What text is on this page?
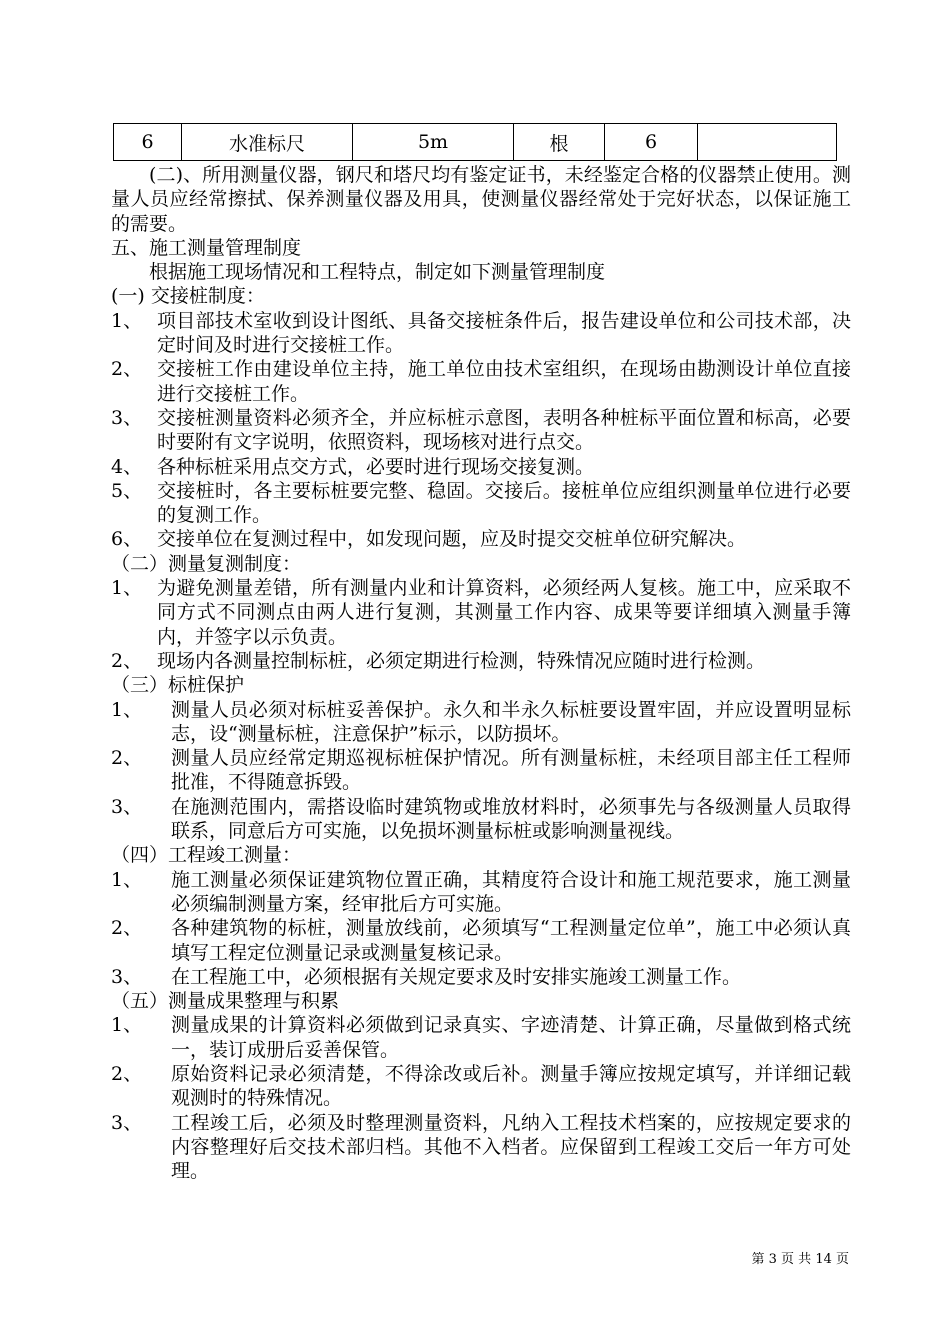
6	水准标尺	5m	根	6	

(二)、所用测量仪器，钢尺和塔尺均有鉴定证书，未经鉴定合格的仪器禁止使用。测量人员应经常擦拭、保养测量仪器及用具，使测量仪器经常处于完好状态，以保证施工的需要。

五、施工测量管理制度

根据施工现场情况和工程特点，制定如下测量管理制度

(一) 交接桩制度：

1、 项目部技术室收到设计图纸、具备交接桩条件后，报告建设单位和公司技术部，决定时间及时进行交接桩工作。
2、 交接桩工作由建设单位主持，施工单位由技术室组织，在现场由勘测设计单位直接进行交接桩工作。
3、 交接桩测量资料必须齐全，并应标桩示意图，表明各种桩标平面位置和标高，必要时要附有文字说明，依照资料，现场核对进行点交。
4、 各种标桩采用点交方式，必要时进行现场交接复测。
5、 交接桩时，各主要标桩要完整、稳固。交接后。接桩单位应组织测量单位进行必要的复测工作。
6、 交接单位在复测过程中，如发现问题，应及时提交交桩单位研究解决。

（二）测量复测制度：

1、 为避免测量差错，所有测量内业和计算资料，必须经两人复核。施工中，应采取不同方式不同测点由两人进行复测，其测量工作内容、成果等要详细填入测量手簿内，并签字以示负责。
2、 现场内各测量控制标桩，必须定期进行检测，特殊情况应随时进行检测。

（三）标桩保护

1、	测量人员必须对标桩妥善保护。永久和半永久标桩要设置牢固，并应设置明显标志，设“测量标桩，注意保护”标示，以防损坏。
2、	测量人员应经常定期巡视标桩保护情况。所有测量标桩，未经项目部主任工程师批准，不得随意拆毁。
3、	在施测范围内，需搭设临时建筑物或堆放材料时，必须事先与各级测量人员取得联系，同意后方可实施，以免损坏测量标桩或影响测量视线。

（四）工程竣工测量：

1、	施工测量必须保证建筑物位置正确，其精度符合设计和施工规范要求，施工测量必须编制测量方案，经审批后方可实施。
2、	各种建筑物的标桩，测量放线前，必须填写“工程测量定位单”，施工中必须认真填写工程定位测量记录或测量复核记录。
3、	在工程施工中，必须根据有关规定要求及时安排实施竣工测量工作。

（五）测量成果整理与积累

1、	测量成果的计算资料必须做到记录真实、字迹清楚、计算正确，尽量做到格式统一，装订成册后妥善保管。
2、	原始资料记录必须清楚，不得涂改或后补。测量手簿应按规定填写，并详细记载观测时的特殊情况。
3、	工程竣工后，必须及时整理测量资料，凡纳入工程技术档案的，应按规定要求的内容整理好后交技术部归档。其他不入档者。应保留到工程竣工交后一年方可处理。
第 3 页 共 14 页
